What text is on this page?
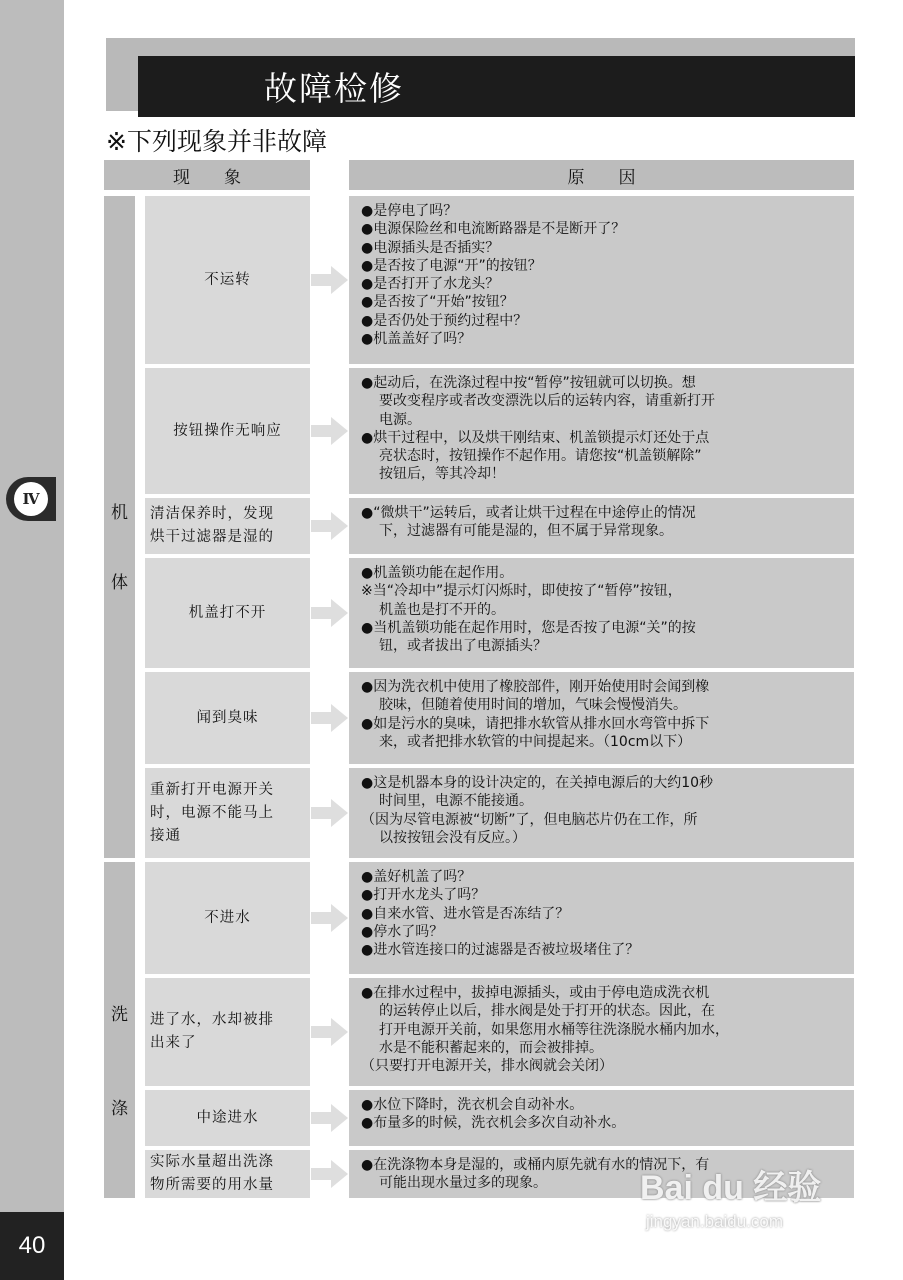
Ⅳ
40
故障检修
※下列现象并非故障
现　　象	原　　因
机
体
洗
涤
不运转
●是停电了吗？
●电源保险丝和电流断路器是不是断开了？
●电源插头是否插实？
●是否按了电源“开”的按钮？
●是否打开了水龙头？
●是否按了“开始”按钮？
●是否仍处于预约过程中？
●机盖盖好了吗？
按钮操作无响应
●起动后，在洗涤过程中按“暂停”按钮就可以切换。想
要改变程序或者改变漂洗以后的运转内容，请重新打开
电源。
●烘干过程中，以及烘干刚结束、机盖锁提示灯还处于点
亮状态时，按钮操作不起作用。请您按“机盖锁解除”
按钮后，等其冷却！
清洁保养时，发现
烘干过滤器是湿的
●“微烘干”运转后，或者让烘干过程在中途停止的情况
下，过滤器有可能是湿的，但不属于异常现象。
机盖打不开
●机盖锁功能在起作用。
※当“冷却中”提示灯闪烁时，即使按了“暂停”按钮，
机盖也是打不开的。
●当机盖锁功能在起作用时，您是否按了电源“关”的按
钮，或者拔出了电源插头？
闻到臭味
●因为洗衣机中使用了橡胶部件，刚开始使用时会闻到橡
胶味，但随着使用时间的增加，气味会慢慢消失。
●如是污水的臭味，请把排水软管从排水回水弯管中拆下
来，或者把排水软管的中间提起来。（10cm以下）
重新打开电源开关
时，电源不能马上
接通
●这是机器本身的设计决定的，在关掉电源后的大约10秒
时间里，电源不能接通。
（因为尽管电源被“切断”了，但电脑芯片仍在工作，所
以按按钮会没有反应。）
不进水
●盖好机盖了吗？
●打开水龙头了吗？
●自来水管、进水管是否冻结了？
●停水了吗？
●进水管连接口的过滤器是否被垃圾堵住了？
进了水，水却被排
出来了
●在排水过程中，拔掉电源插头，或由于停电造成洗衣机
的运转停止以后，排水阀是处于打开的状态。因此，在
打开电源开关前，如果您用水桶等往洗涤脱水桶内加水，
水是不能积蓄起来的，而会被排掉。
（只要打开电源开关，排水阀就会关闭）
中途进水
●水位下降时，洗衣机会自动补水。
●布量多的时候，洗衣机会多次自动补水。
实际水量超出洗涤
物所需要的用水量
●在洗涤物本身是湿的，或桶内原先就有水的情况下，有
可能出现水量过多的现象。	Bai du 经验
jingyan.baidu.com
